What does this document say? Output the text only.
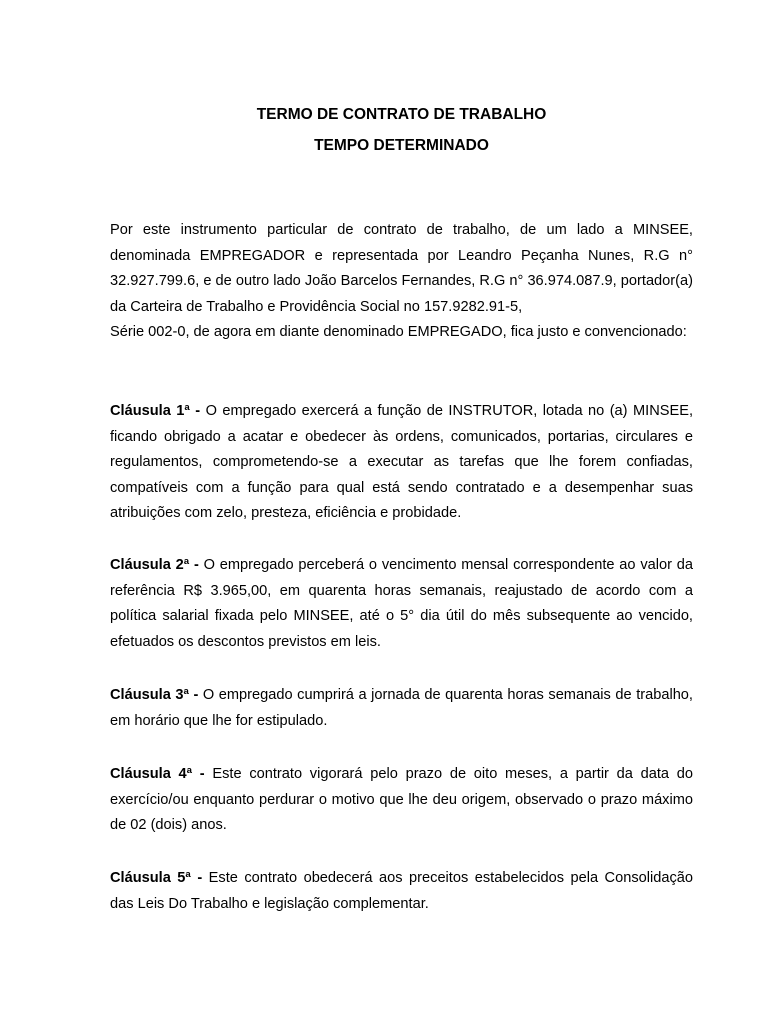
TERMO DE CONTRATO DE TRABALHO
TEMPO DETERMINADO

Por este instrumento particular de contrato de trabalho, de um lado a MINSEE, denominada EMPREGADOR e representada por Leandro Peçanha Nunes, R.G n° 32.927.799.6, e de outro lado João Barcelos Fernandes, R.G n° 36.974.087.9, portador(a) da Carteira de Trabalho e Providência Social no 157.9282.91-5,
Série 002-0, de agora em diante denominado EMPREGADO, fica justo e convencionado:

Cláusula 1ª - O empregado exercerá a função de INSTRUTOR, lotada no (a) MINSEE, ficando obrigado a acatar e obedecer às ordens, comunicados, portarias, circulares e regulamentos, comprometendo-se a executar as tarefas que lhe forem confiadas, compatíveis com a função para qual está sendo contratado e a desempenhar suas atribuições com zelo, presteza, eficiência e probidade.

Cláusula 2ª - O empregado perceberá o vencimento mensal correspondente ao valor da referência R$ 3.965,00, em quarenta horas semanais, reajustado de acordo com a política salarial fixada pelo MINSEE, até o 5° dia útil do mês subsequente ao vencido, efetuados os descontos previstos em leis.

Cláusula 3ª - O empregado cumprirá a jornada de quarenta horas semanais de trabalho, em horário que lhe for estipulado.

Cláusula 4ª - Este contrato vigorará pelo prazo de oito meses, a partir da data do exercício/ou enquanto perdurar o motivo que lhe deu origem, observado o prazo máximo de 02 (dois) anos.

Cláusula 5ª - Este contrato obedecerá aos preceitos estabelecidos pela Consolidação das Leis Do Trabalho e legislação complementar.
